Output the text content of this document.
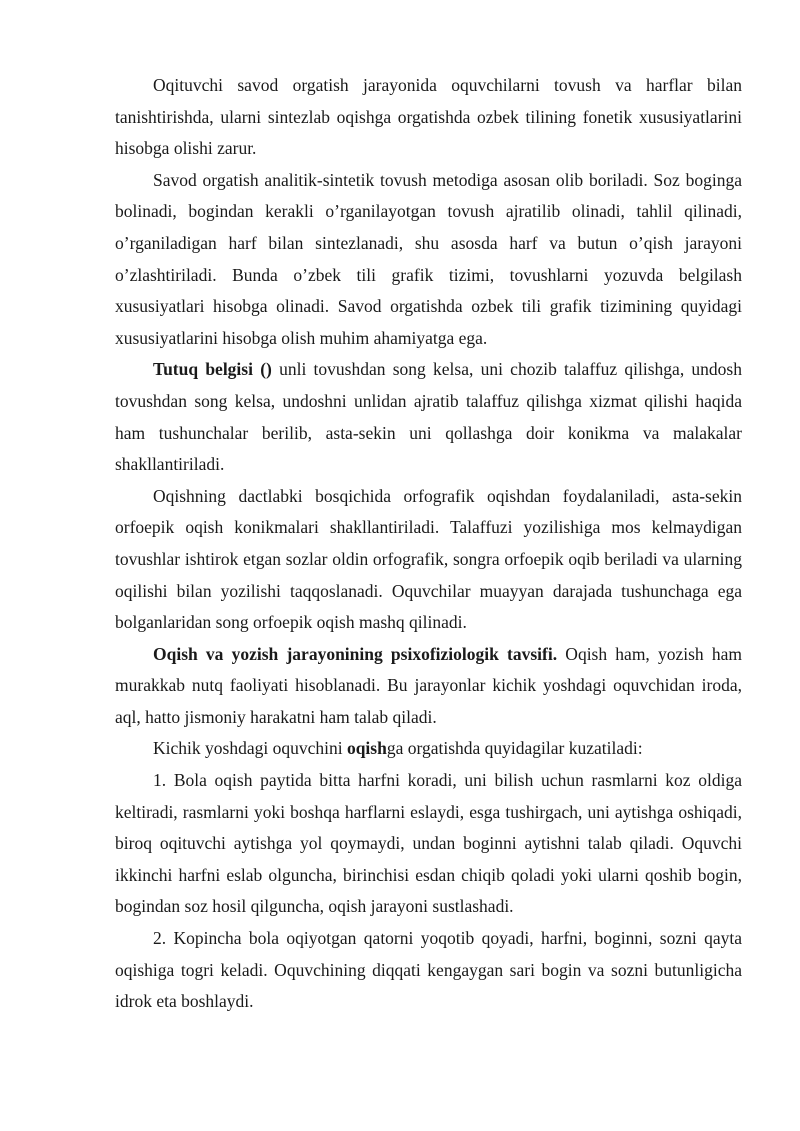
Oqituvchi savod orgatish jarayonida oquvchilarni tovush va harflar bilan tanishtirishda, ularni sintezlab oqishga orgatishda ozbek tilining fonetik xususiyatlarini hisobga olishi zarur.

Savod orgatish analitik-sintetik tovush metodiga asosan olib boriladi. Soz boginga bolinadi, bogindan kerakli o’rganilayotgan tovush ajratilib olinadi, tahlil qilinadi, o’rganiladigan harf bilan sintezlanadi, shu asosda harf va butun o’qish jarayoni o’zlashtiriladi. Bunda o’zbek tili grafik tizimi, tovushlarni yozuvda belgilash xususiyatlari hisobga olinadi. Savod orgatishda ozbek tili grafik tizimining quyidagi xususiyatlarini hisobga olish muhim ahamiyatga ega.

Tutuq belgisi () unli tovushdan song kelsa, uni chozib talaffuz qilishga, undosh tovushdan song kelsa, undoshni unlidan ajratib talaffuz qilishga xizmat qilishi haqida ham tushunchalar berilib, asta-sekin uni qollashga doir konikma va malakalar shakllantiriladi.

Oqishning dactlabki bosqichida orfografik oqishdan foydalaniladi, asta-sekin orfoepik oqish konikmalari shakllantiriladi. Talaffuzi yozilishiga mos kelmaydigan tovushlar ishtirok etgan sozlar oldin orfografik, songra orfoepik oqib beriladi va ularning oqilishi bilan yozilishi taqqoslanadi. Oquvchilar muayyan darajada tushunchaga ega bolganlaridan song orfoepik oqish mashq qilinadi.

Oqish va yozish jarayonining psixofiziologik tavsifi. Oqish ham, yozish ham murakkab nutq faoliyati hisoblanadi. Bu jarayonlar kichik yoshdagi oquvchidan iroda, aql, hatto jismoniy harakatni ham talab qiladi.

Kichik yoshdagi oquvchini oqishga orgatishda quyidagilar kuzatiladi:

1. Bola oqish paytida bitta harfni koradi, uni bilish uchun rasmlarni koz oldiga keltiradi, rasmlarni yoki boshqa harflarni eslaydi, esga tushirgach, uni aytishga oshiqadi, biroq oqituvchi aytishga yol qoymaydi, undan boginni aytishni talab qiladi. Oquvchi ikkinchi harfni eslab olguncha, birinchisi esdan chiqib qoladi yoki ularni qoshib bogin, bogindan soz hosil qilguncha, oqish jarayoni sustlashadi.

2. Kopincha bola oqiyotgan qatorni yoqotib qoyadi, harfni, boginni, sozni qayta oqishiga togri keladi. Oquvchining diqqati kengaygan sari bogin va sozni butunligicha idrok eta boshlaydi.
